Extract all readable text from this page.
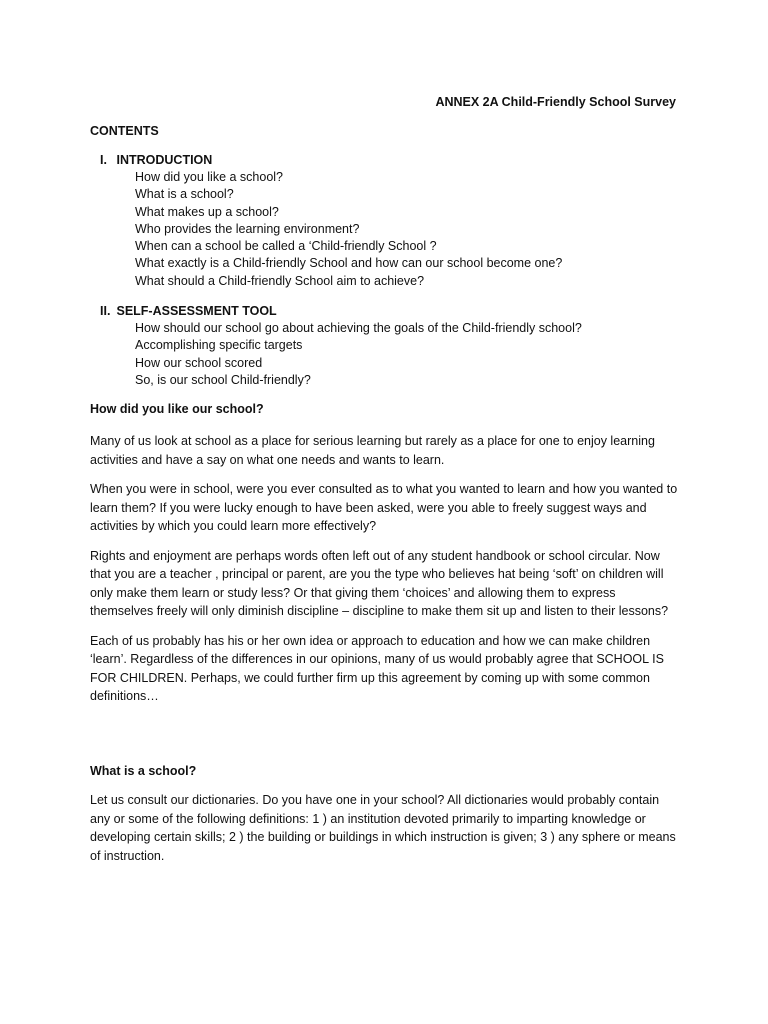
ANNEX 2A Child-Friendly School Survey
CONTENTS
I. INTRODUCTION
How did you like a school?
What is a school?
What makes up a school?
Who provides the learning environment?
When can a school be called a ‘Child-friendly School ?
What exactly is a Child-friendly School and how can our school become one?
What should a Child-friendly School aim to achieve?
II. SELF-ASSESSMENT TOOL
How should our school go about achieving the goals of the Child-friendly school?
Accomplishing specific targets
How our school scored
So, is our school Child-friendly?
How did you like our school?

Many of us look at school as a place for serious learning but rarely as a place for one to enjoy learning activities and have a say on what one needs and wants to learn.

When you were in school, were you ever consulted as to what you wanted to learn and how you wanted to learn them? If you were lucky enough to have been asked, were you able to freely suggest ways and activities by which you could learn more effectively?

Rights and enjoyment are perhaps words often left out of any student handbook or school circular. Now that you are a teacher , principal or parent, are you the type who believes hat being ‘soft’ on children will only make them learn or study less? Or that giving them ‘choices’ and allowing them to express themselves freely will only diminish discipline – discipline to make them sit up and listen to their lessons?

Each of us probably has his or her own idea or approach to education and how we can make children ‘learn’. Regardless of the differences in our opinions, many of us would probably agree that SCHOOL IS FOR CHILDREN. Perhaps, we could further firm up this agreement by coming up with some common definitions…

What is a school?

Let us consult our dictionaries. Do you have one in your school? All dictionaries would probably contain any or some of the following definitions: 1 ) an institution devoted primarily to imparting knowledge or developing certain skills; 2 ) the building or buildings in which instruction is given; 3 ) any sphere or means of instruction.
